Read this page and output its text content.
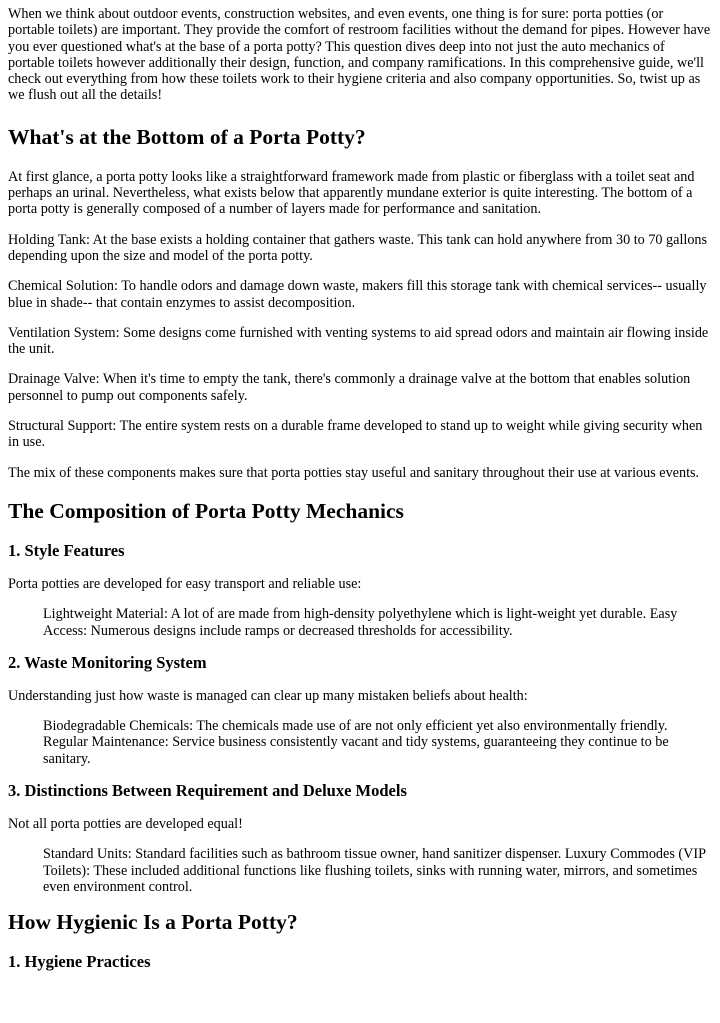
When we think about outdoor events, construction websites, and even events, one thing is for sure: porta potties (or portable toilets) are important. They provide the comfort of restroom facilities without the demand for pipes. However have you ever questioned what's at the base of a porta potty? This question dives deep into not just the auto mechanics of portable toilets however additionally their design, function, and company ramifications. In this comprehensive guide, we'll check out everything from how these toilets work to their hygiene criteria and also company opportunities. So, twist up as we flush out all the details!

What's at the Bottom of a Porta Potty?

At first glance, a porta potty looks like a straightforward framework made from plastic or fiberglass with a toilet seat and perhaps an urinal. Nevertheless, what exists below that apparently mundane exterior is quite interesting. The bottom of a porta potty is generally composed of a number of layers made for performance and sanitation.

Holding Tank: At the base exists a holding container that gathers waste. This tank can hold anywhere from 30 to 70 gallons depending upon the size and model of the porta potty.

Chemical Solution: To handle odors and damage down waste, makers fill this storage tank with chemical services-- usually blue in shade-- that contain enzymes to assist decomposition.

Ventilation System: Some designs come furnished with venting systems to aid spread odors and maintain air flowing inside the unit.

Drainage Valve: When it's time to empty the tank, there's commonly a drainage valve at the bottom that enables solution personnel to pump out components safely.

Structural Support: The entire system rests on a durable frame developed to stand up to weight while giving security when in use.

The mix of these components makes sure that porta potties stay useful and sanitary throughout their use at various events.

The Composition of Porta Potty Mechanics
1. Style Features

Porta potties are developed for easy transport and reliable use:

Lightweight Material: A lot of are made from high-density polyethylene which is light-weight yet durable. Easy Access: Numerous designs include ramps or decreased thresholds for accessibility.

2. Waste Monitoring System

Understanding just how waste is managed can clear up many mistaken beliefs about health:

Biodegradable Chemicals: The chemicals made use of are not only efficient yet also environmentally friendly. Regular Maintenance: Service business consistently vacant and tidy systems, guaranteeing they continue to be sanitary.

3. Distinctions Between Requirement and Deluxe Models

Not all porta potties are developed equal!

Standard Units: Standard facilities such as bathroom tissue owner, hand sanitizer dispenser. Luxury Commodes (VIP Toilets): These included additional functions like flushing toilets, sinks with running water, mirrors, and sometimes even environment control.

How Hygienic Is a Porta Potty?
1. Hygiene Practices
